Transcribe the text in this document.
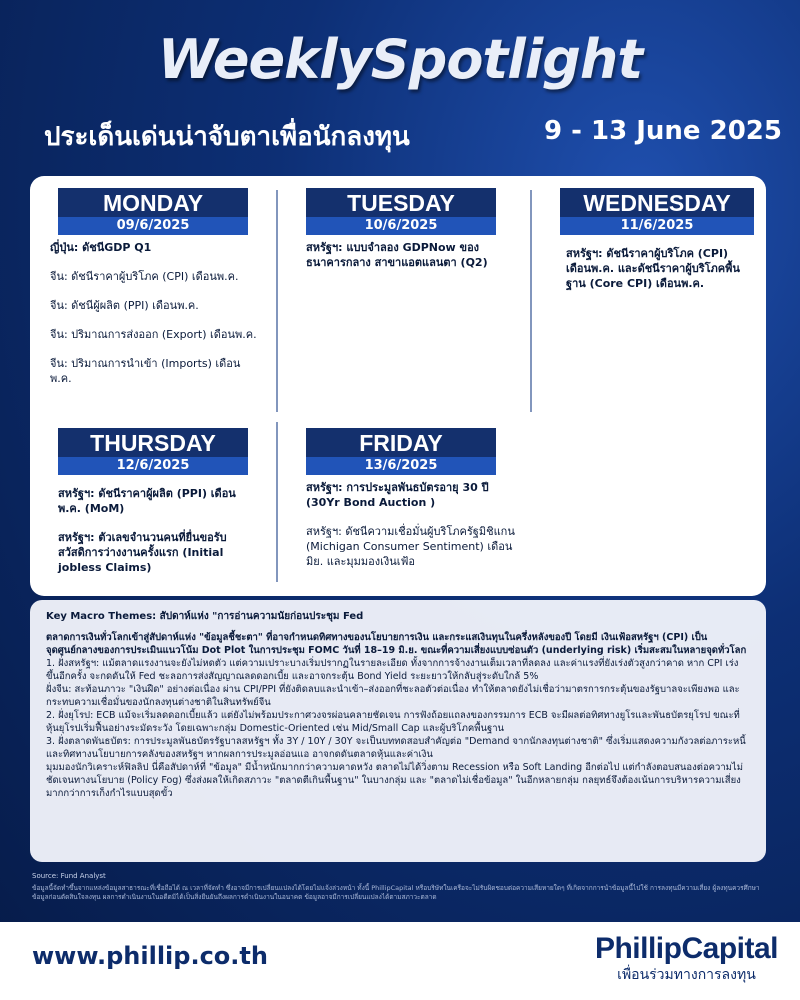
WeeklySpotlight
ประเด็นเด่นน่าจับตาเพื่อนักลงทุน	9 - 13 June 2025
MONDAY
09/6/2025
ญี่ปุ่น: ดัชนีGDP Q1
จีน: ดัชนีราคาผู้บริโภค (CPI) เดือนพ.ค.
จีน: ดัชนีผู้ผลิต (PPI) เดือนพ.ค.
จีน: ปริมาณการส่งออก (Export) เดือนพ.ค.
จีน: ปริมาณการนำเข้า (Imports) เดือนพ.ค.
TUESDAY
10/6/2025
สหรัฐฯ: แบบจำลอง GDPNow ของธนาคารกลาง สาขาแอตแลนตา (Q2)
WEDNESDAY
11/6/2025
สหรัฐฯ: ดัชนีราคาผู้บริโภค (CPI) เดือนพ.ค. และดัชนีราคาผู้บริโภคพื้นฐาน (Core CPI) เดือนพ.ค.
THURSDAY
12/6/2025
สหรัฐฯ: ดัชนีราคาผู้ผลิต (PPI) เดือนพ.ค. (MoM)
สหรัฐฯ: ตัวเลขจำนวนคนที่ยื่นขอรับสวัสดิการว่างงานครั้งแรก (Initial jobless Claims)
FRIDAY
13/6/2025
สหรัฐฯ: การประมูลพันธบัตรอายุ 30 ปี (30Yr Bond Auction )
สหรัฐฯ: ดัชนีความเชื่อมั่นผู้บริโภครัฐมิชิแกน (Michigan Consumer Sentiment) เดือนมิย. และมุมมองเงินเฟ้อ

Key Macro Themes: สัปดาห์แห่ง "การอ่านความนัยก่อนประชุม Fed

ตลาดการเงินทั่วโลกเข้าสู่สัปดาห์แห่ง "ข้อมูลชี้ชะตา" ที่อาจกำหนดทิศทางของนโยบายการเงิน และกระแสเงินทุนในครึ่งหลังของปี โดยมี เงินเฟ้อสหรัฐฯ (CPI) เป็นจุดศูนย์กลางของการประเมินแนวโน้ม Dot Plot ในการประชุม FOMC วันที่ 18–19 มิ.ย. ขณะที่ความเสี่ยงแบบซ่อนตัว (underlying risk) เริ่มสะสมในหลายจุดทั่วโลก

1. ฝั่งสหรัฐฯ: แม้ตลาดแรงงานจะยังไม่หดตัว แต่ความเปราะบางเริ่มปรากฏในรายละเอียด ทั้งจากการจ้างงานเต็มเวลาที่ลดลง และค่าแรงที่ยังเร่งตัวสูงกว่าคาด หาก CPI เร่งขึ้นอีกครั้ง จะกดดันให้ Fed ชะลอการส่งสัญญาณลดดอกเบี้ย และอาจกระตุ้น Bond Yield ระยะยาวให้กลับสู่ระดับใกล้ 5%

ฝั่งจีน: สะท้อนภาวะ "เงินฝืด" อย่างต่อเนื่อง ผ่าน CPI/PPI ที่ยังติดลบและนำเข้า–ส่งออกที่ชะลอตัวต่อเนื่อง ทำให้ตลาดยังไม่เชื่อว่ามาตรการกระตุ้นของรัฐบาลจะเพียงพอ และกระทบความเชื่อมั่นของนักลงทุนต่างชาติในสินทรัพย์จีน

2. ฝั่งยุโรป: ECB แม้จะเริ่มลดดอกเบี้ยแล้ว แต่ยังไม่พร้อมประกาศวงจรผ่อนคลายชัดเจน การฟังถ้อยแถลงของกรรมการ ECB จะมีผลต่อทิศทางยูโรและพันธบัตรยุโรป ขณะที่หุ้นยุโรปเริ่มฟื้นอย่างระมัดระวัง โดยเฉพาะกลุ่ม Domestic-Oriented เช่น Mid/Small Cap และผู้บริโภคพื้นฐาน

3. ฝั่งตลาดพันธบัตร: การประมูลพันธบัตรรัฐบาลสหรัฐฯ ทั้ง 3Y / 10Y / 30Y จะเป็นบททดสอบสำคัญต่อ "Demand จากนักลงทุนต่างชาติ" ซึ่งเริ่มแสดงความกังวลต่อภาระหนี้และทิศทางนโยบายการคลังของสหรัฐฯ หากผลการประมูลอ่อนแอ อาจกดดันตลาดหุ้นและค่าเงิน

มุมมองนักวิเคราะห์ฟิลลิป นี่คือสัปดาห์ที่ "ข้อมูล" มีน้ำหนักมากกว่าความคาดหวัง ตลาดไม่ได้วิ่งตาม Recession หรือ Soft Landing อีกต่อไป แต่กำลังตอบสนองต่อความไม่ชัดเจนทางนโยบาย (Policy Fog) ซึ่งส่งผลให้เกิดสภาวะ "ตลาดตีเกินพื้นฐาน" ในบางกลุ่ม และ "ตลาดไม่เชื่อข้อมูล" ในอีกหลายกลุ่ม กลยุทธ์จึงต้องเน้นการบริหารความเสี่ยงมากกว่าการเก็งกำไรแบบสุดขั้ว

Source: Fund Analyst
ข้อมูลนี้จัดทำขึ้นจากแหล่งข้อมูลสาธารณะที่เชื่อถือได้ ณ เวลาที่จัดทำ ซึ่งอาจมีการเปลี่ยนแปลงได้โดยไม่แจ้งล่วงหน้า ทั้งนี้ PhillipCapital หรือบริษัทในเครือจะไม่รับผิดชอบต่อความเสียหายใดๆ ที่เกิดจากการนำข้อมูลนี้ไปใช้ การลงทุนมีความเสี่ยง ผู้ลงทุนควรศึกษาข้อมูลก่อนตัดสินใจลงทุน ผลการดำเนินงานในอดีตมิได้เป็นสิ่งยืนยันถึงผลการดำเนินงานในอนาคต ข้อมูลอาจมีการเปลี่ยนแปลงได้ตามสภาวะตลาด
www.phillip.co.th	PhillipCapital
เพื่อนร่วมทางการลงทุน
